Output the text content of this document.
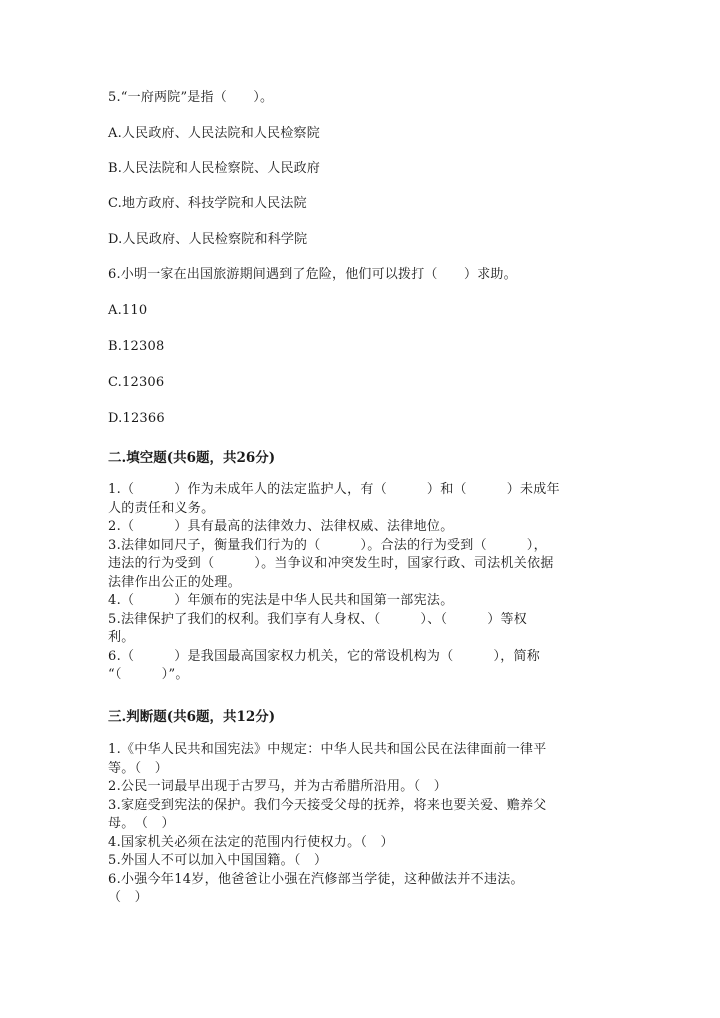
5.“一府两院”是指（　　）。
A.人民政府、人民法院和人民检察院
B.人民法院和人民检察院、人民政府
C.地方政府、科技学院和人民法院
D.人民政府、人民检察院和科学院
6.小明一家在出国旅游期间遇到了危险，他们可以拨打（　　）求助。
A.110
B.12308
C.12306
D.12366
二.填空题(共6题，共26分)
1.（　　　）作为未成年人的法定监护人，有（　　　）和（　　　）未成年
人的责任和义务。
2.（　　　）具有最高的法律效力、法律权威、法律地位。
3.法律如同尺子，衡量我们行为的（　　　）。合法的行为受到（　　　），
违法的行为受到（　　　）。当争议和冲突发生时，国家行政、司法机关依据
法律作出公正的处理。
4.（　　　）年颁布的宪法是中华人民共和国第一部宪法。
5.法律保护了我们的权利。我们享有人身权、（　　　）、（　　　）等权
利。
6.（　　　）是我国最高国家权力机关，它的常设机构为（　　　），简称
“（　　　）”。
三.判断题(共6题，共12分)
1.《中华人民共和国宪法》中规定：中华人民共和国公民在法律面前一律平
等。（　）
2.公民一词最早出现于古罗马，并为古希腊所沿用。（　）
3.家庭受到宪法的保护。我们今天接受父母的抚养，将来也要关爱、赡养父
母。　（　）
4.国家机关必须在法定的范围内行使权力。（　）
5.外国人不可以加入中国国籍。（　）
6.小强今年14岁，他爸爸让小强在汽修部当学徒，这种做法并不违法。
（　）
